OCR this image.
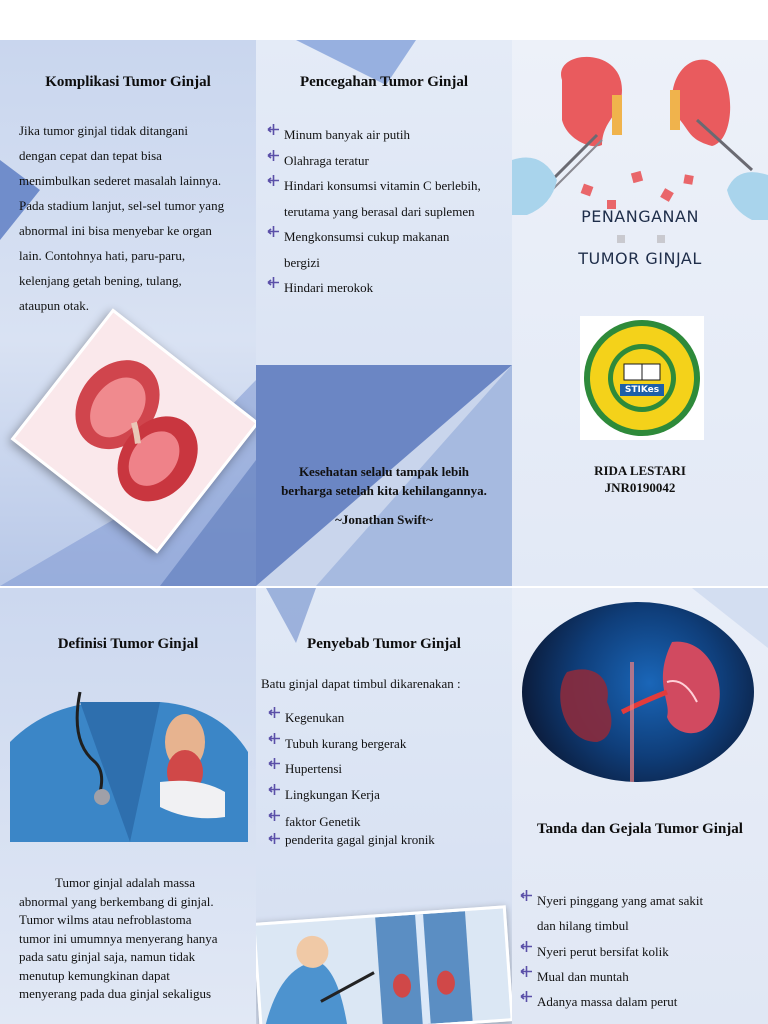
Komplikasi Tumor Ginjal
Jika tumor ginjal tidak ditangani
dengan cepat dan tepat bisa
menimbulkan sederet masalah lainnya.
Pada stadium lanjut, sel-sel tumor yang
abnormal ini bisa menyebar ke organ
lain. Contohnya hati, paru-paru,
kelenjang getah bening, tulang,
ataupun otak.
Pencegahan Tumor Ginjal
Minum banyak air putih
Olahraga teratur
Hindari konsumsi vitamin C berlebih,
terutama yang berasal dari suplemen
Mengkonsumsi cukup makanan
bergizi
Hindari merokok
Kesehatan selalu tampak lebih
berharga setelah kita kehilangannya.
~Jonathan Swift~
PENANGANAN
TUMOR GINJAL
STIKes
RIDA LESTARI
JNR0190042
Definisi Tumor Ginjal
Tumor ginjal adalah massa
abnormal yang berkembang di ginjal.
Tumor wilms atau nefroblastoma
tumor ini umumnya menyerang hanya
pada satu ginjal saja, namun tidak
menutup kemungkinan dapat
menyerang pada dua ginjal sekaligus
Penyebab Tumor Ginjal
Batu ginjal dapat timbul dikarenakan :
Kegenukan
Tubuh kurang bergerak
Hupertensi
Lingkungan Kerja
faktor Genetik
penderita gagal ginjal kronik
Tanda dan Gejala Tumor Ginjal
Nyeri pinggang yang amat sakit
dan hilang timbul
Nyeri perut bersifat kolik
Mual dan muntah
Adanya massa dalam perut
